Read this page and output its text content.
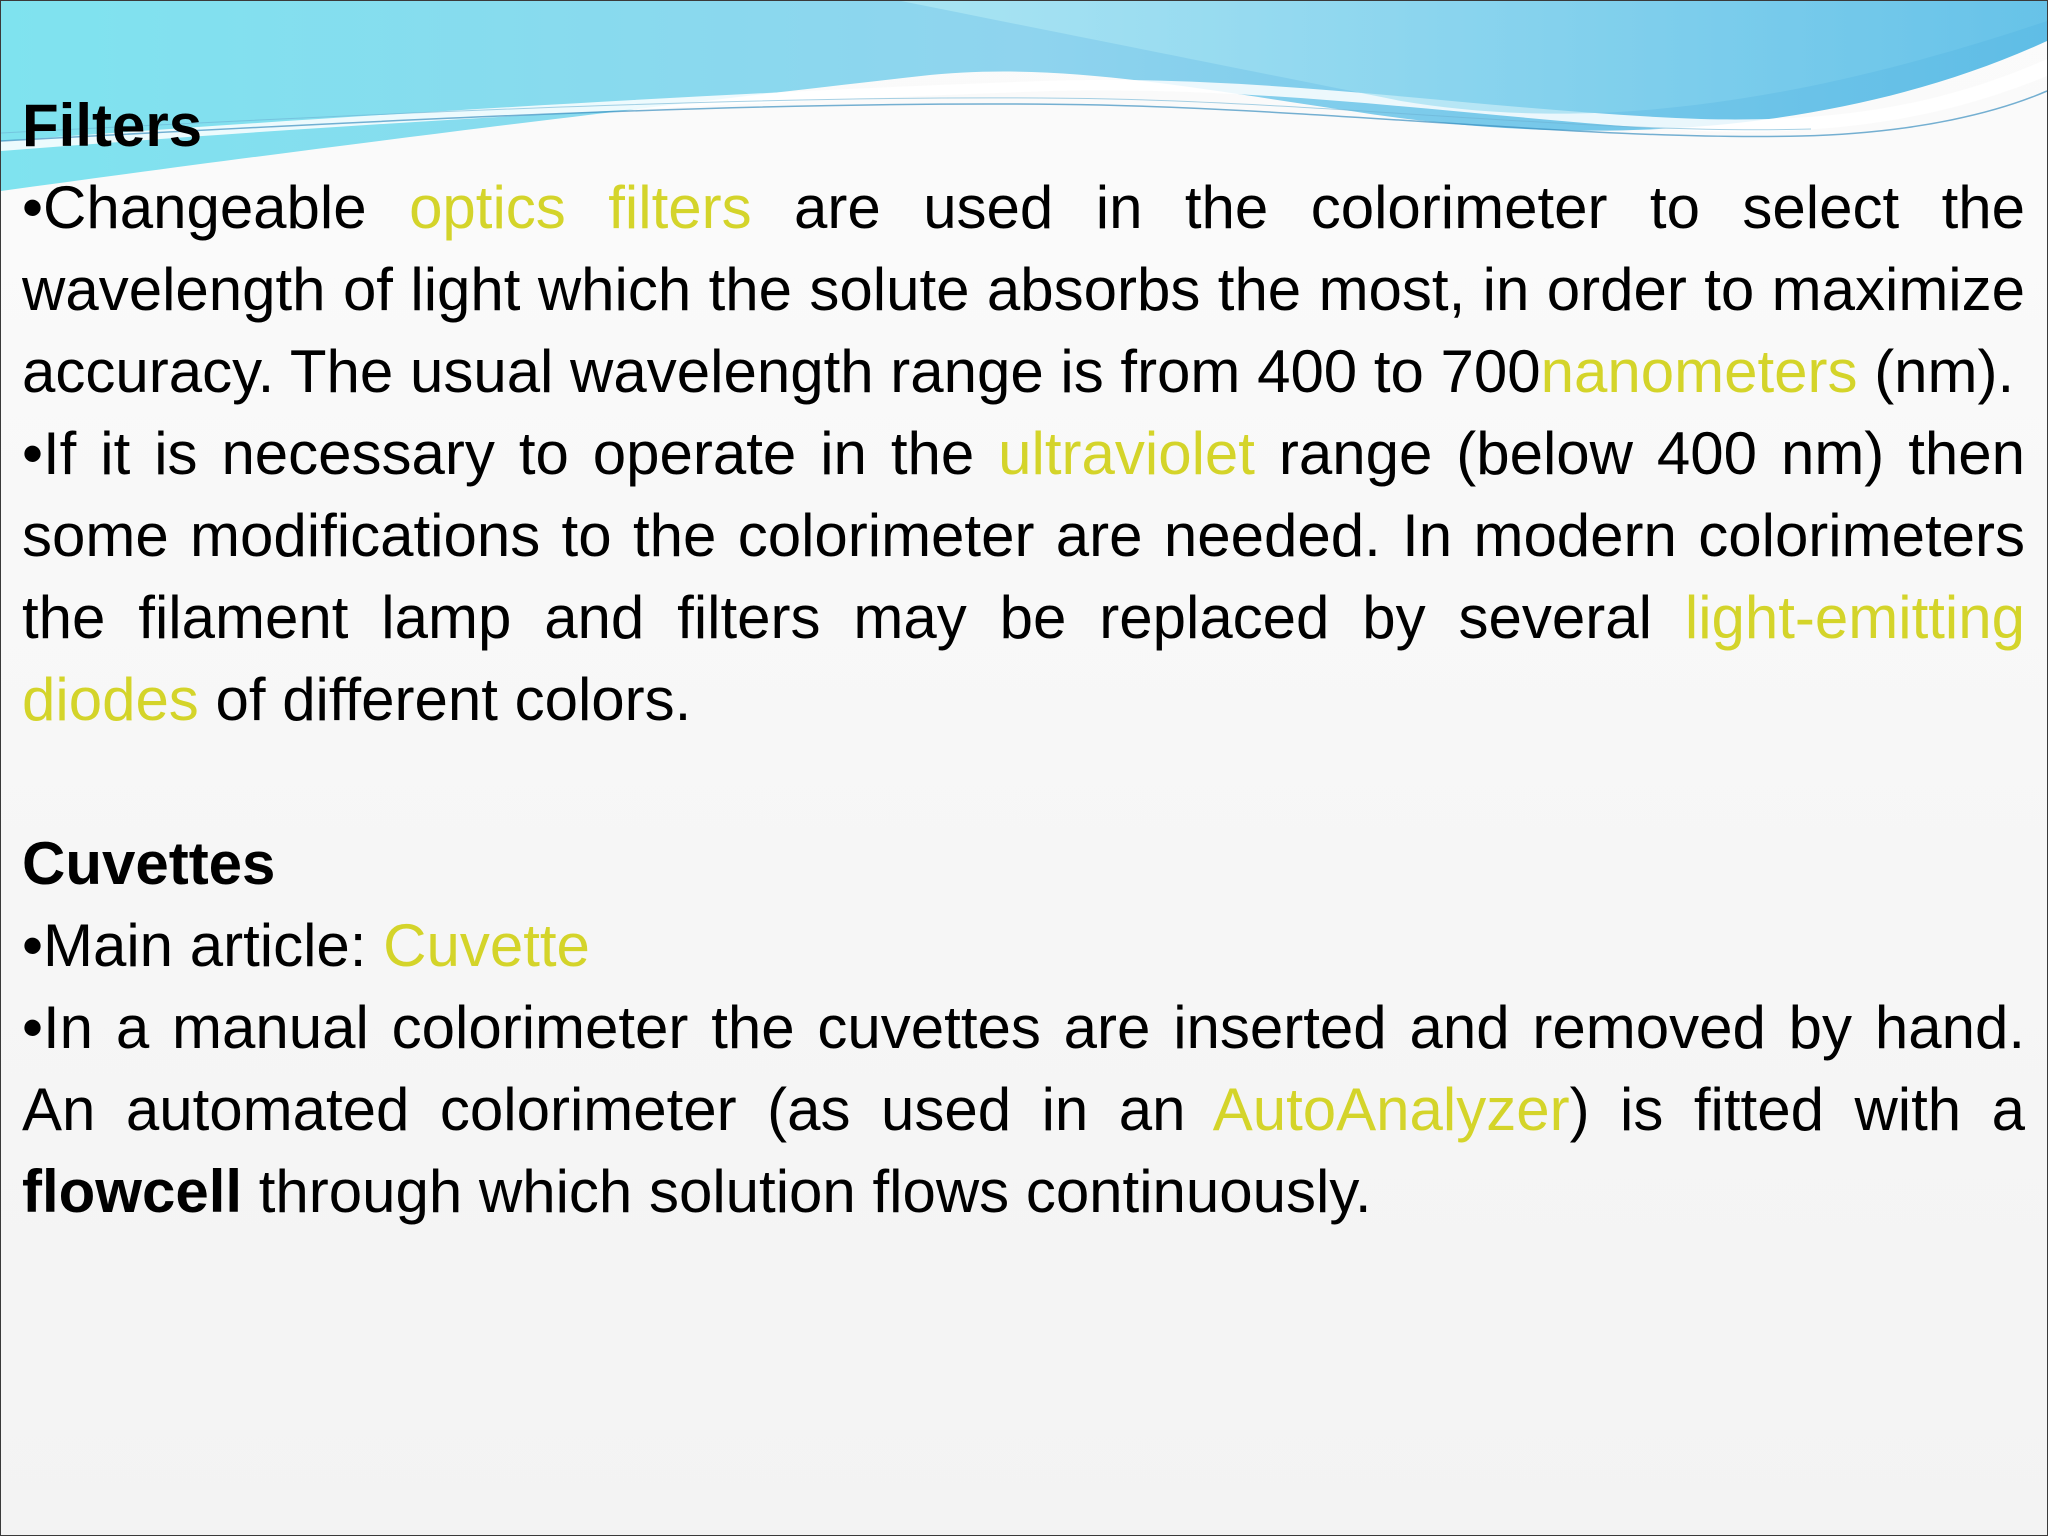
Filters

•Changeable optics filters are used in the colorimeter to select the wavelength of light which the solute absorbs the most, in order to maximize accuracy. The usual wavelength range is from 400 to 700nanometers (nm).

•If it is necessary to operate in the ultraviolet range (below 400 nm) then some modifications to the colorimeter are needed. In modern colorimeters the filament lamp and filters may be replaced by several light-emitting diodes of different colors.

Cuvettes

•Main article: Cuvette

•In a manual colorimeter the cuvettes are inserted and removed by hand. An automated colorimeter (as used in an AutoAnalyzer) is fitted with a flowcell through which solution flows continuously.
